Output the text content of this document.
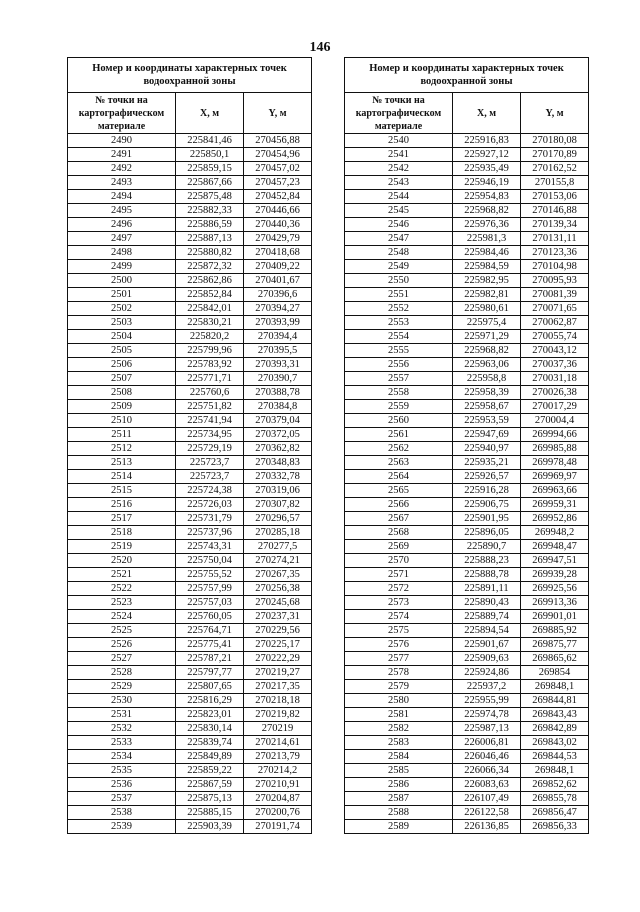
146
Номер и координаты характерных точек водоохранной зоны		
№ точки на картографическом материале	X, м	Y, м
2490	225841,46	270456,88
2491	225850,1	270454,96
2492	225859,15	270457,02
2493	225867,66	270457,23
2494	225875,48	270452,84
2495	225882,33	270446,66
2496	225886,59	270440,36
2497	225887,13	270429,79
2498	225880,82	270418,68
2499	225872,32	270409,22
2500	225862,86	270401,67
2501	225852,84	270396,6
2502	225842,01	270394,27
2503	225830,21	270393,99
2504	225820,2	270394,4
2505	225799,96	270395,5
2506	225783,92	270393,31
2507	225771,71	270390,7
2508	225760,6	270388,78
2509	225751,82	270384,8
2510	225741,94	270379,04
2511	225734,95	270372,05
2512	225729,19	270362,82
2513	225723,7	270348,83
2514	225723,7	270332,78
2515	225724,38	270319,06
2516	225726,03	270307,82
2517	225731,79	270296,57
2518	225737,96	270285,18
2519	225743,31	270277,5
2520	225750,04	270274,21
2521	225755,52	270267,35
2522	225757,99	270256,38
2523	225757,03	270245,68
2524	225760,05	270237,31
2525	225764,71	270229,56
2526	225775,41	270225,17
2527	225787,21	270222,29
2528	225797,77	270219,27
2529	225807,65	270217,35
2530	225816,29	270218,18
2531	225823,01	270219,82
2532	225830,14	270219
2533	225839,74	270214,61
2534	225849,89	270213,79
2535	225859,22	270214,2
2536	225867,59	270210,91
2537	225875,13	270204,87
2538	225885,15	270200,76
2539	225903,39	270191,74
Номер и координаты характерных точек водоохранной зоны		
№ точки на картографическом материале	X, м	Y, м
2540	225916,83	270180,08
2541	225927,12	270170,89
2542	225935,49	270162,52
2543	225946,19	270155,8
2544	225954,83	270153,06
2545	225968,82	270146,88
2546	225976,36	270139,34
2547	225981,3	270131,11
2548	225984,46	270123,36
2549	225984,59	270104,98
2550	225982,95	270095,93
2551	225982,81	270081,39
2552	225980,61	270071,65
2553	225975,4	270062,87
2554	225971,29	270055,74
2555	225968,82	270043,12
2556	225963,06	270037,36
2557	225958,8	270031,18
2558	225958,39	270026,38
2559	225958,67	270017,29
2560	225953,59	270004,4
2561	225947,69	269994,66
2562	225940,97	269985,88
2563	225935,21	269978,48
2564	225926,57	269969,97
2565	225916,28	269963,66
2566	225906,75	269959,31
2567	225901,95	269952,86
2568	225896,05	269948,2
2569	225890,7	269948,47
2570	225888,23	269947,51
2571	225888,78	269939,28
2572	225891,11	269925,56
2573	225890,43	269913,36
2574	225889,74	269901,01
2575	225894,54	269885,92
2576	225901,67	269875,77
2577	225909,63	269865,62
2578	225924,86	269854
2579	225937,2	269848,1
2580	225955,99	269844,81
2581	225974,78	269843,43
2582	225987,13	269842,89
2583	226006,81	269843,02
2584	226046,46	269844,53
2585	226066,34	269848,1
2586	226083,63	269852,62
2587	226107,49	269855,78
2588	226122,58	269856,47
2589	226136,85	269856,33
